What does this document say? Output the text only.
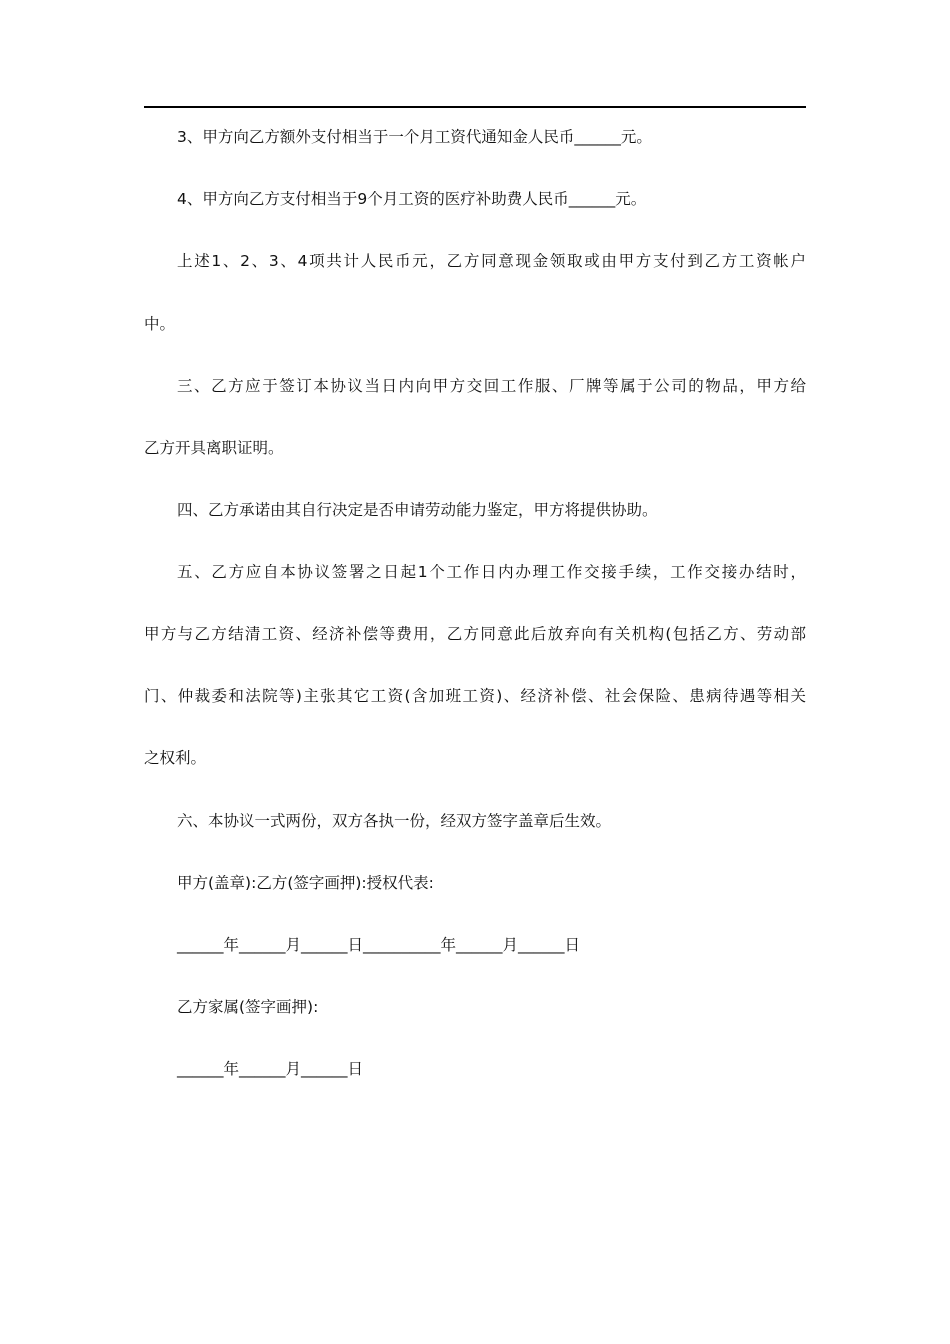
3、甲方向乙方额外支付相当于一个月工资代通知金人民币______元。
4、甲方向乙方支付相当于9个月工资的医疗补助费人民币______元。
上述1、2、3、4项共计人民币元，乙方同意现金领取或由甲方支付到乙方工资帐户
中。
三、乙方应于签订本协议当日内向甲方交回工作服、厂牌等属于公司的物品，甲方给
乙方开具离职证明。
四、乙方承诺由其自行决定是否申请劳动能力鉴定，甲方将提供协助。
五、乙方应自本协议签署之日起1个工作日内办理工作交接手续，工作交接办结时，
甲方与乙方结清工资、经济补偿等费用，乙方同意此后放弃向有关机构(包括乙方、劳动部
门、仲裁委和法院等)主张其它工资(含加班工资)、经济补偿、社会保险、患病待遇等相关
之权利。
六、本协议一式两份，双方各执一份，经双方签字盖章后生效。
甲方(盖章):乙方(签字画押):授权代表:
______年______月______日__________年______月______日
乙方家属(签字画押):
______年______月______日
